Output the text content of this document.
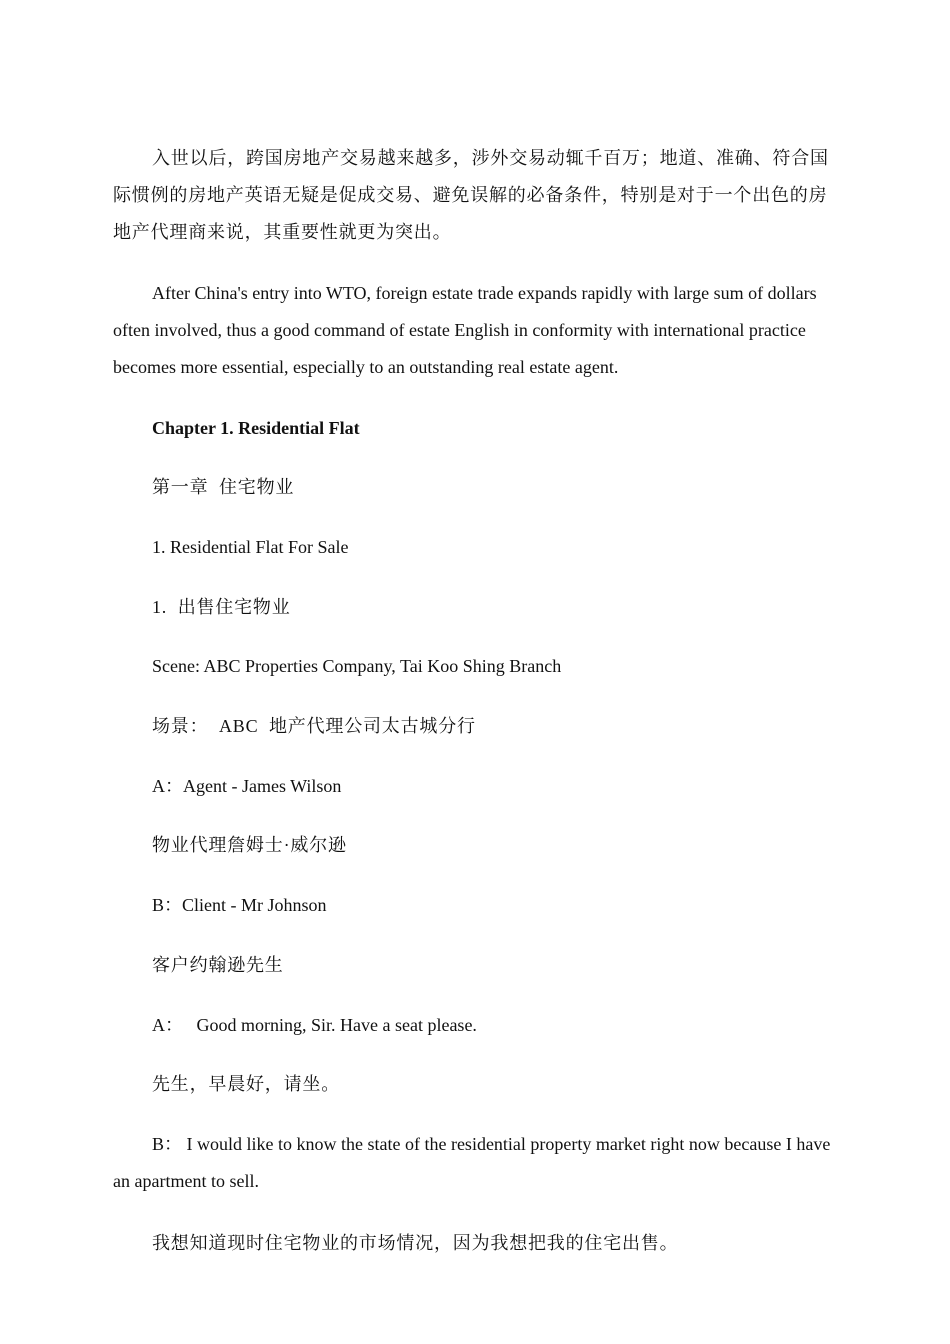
入世以后，跨国房地产交易越来越多，涉外交易动辄千百万；地道、准确、符合国际惯例的房地产英语无疑是促成交易、避免误解的必备条件，特别是对于一个出色的房地产代理商来说，其重要性就更为突出。

After China's entry into WTO, foreign estate trade expands rapidly with large sum of dollars often involved, thus a good command of estate English in conformity with international practice becomes more essential, especially to an outstanding real estate agent.

Chapter 1. Residential Flat

第一章  住宅物业

1. Residential Flat For Sale

1.  出售住宅物业

Scene: ABC Properties Company, Tai Koo Shing Branch

场景：  ABC  地产代理公司太古城分行

A：Agent - James Wilson

物业代理詹姆士·威尔逊

B：Client - Mr Johnson

客户约翰逊先生

A：   Good morning, Sir. Have a seat please.

先生，早晨好，请坐。

B： I would like to know the state of the residential property market right now because I have an apartment to sell.

我想知道现时住宅物业的市场情况，因为我想把我的住宅出售。
